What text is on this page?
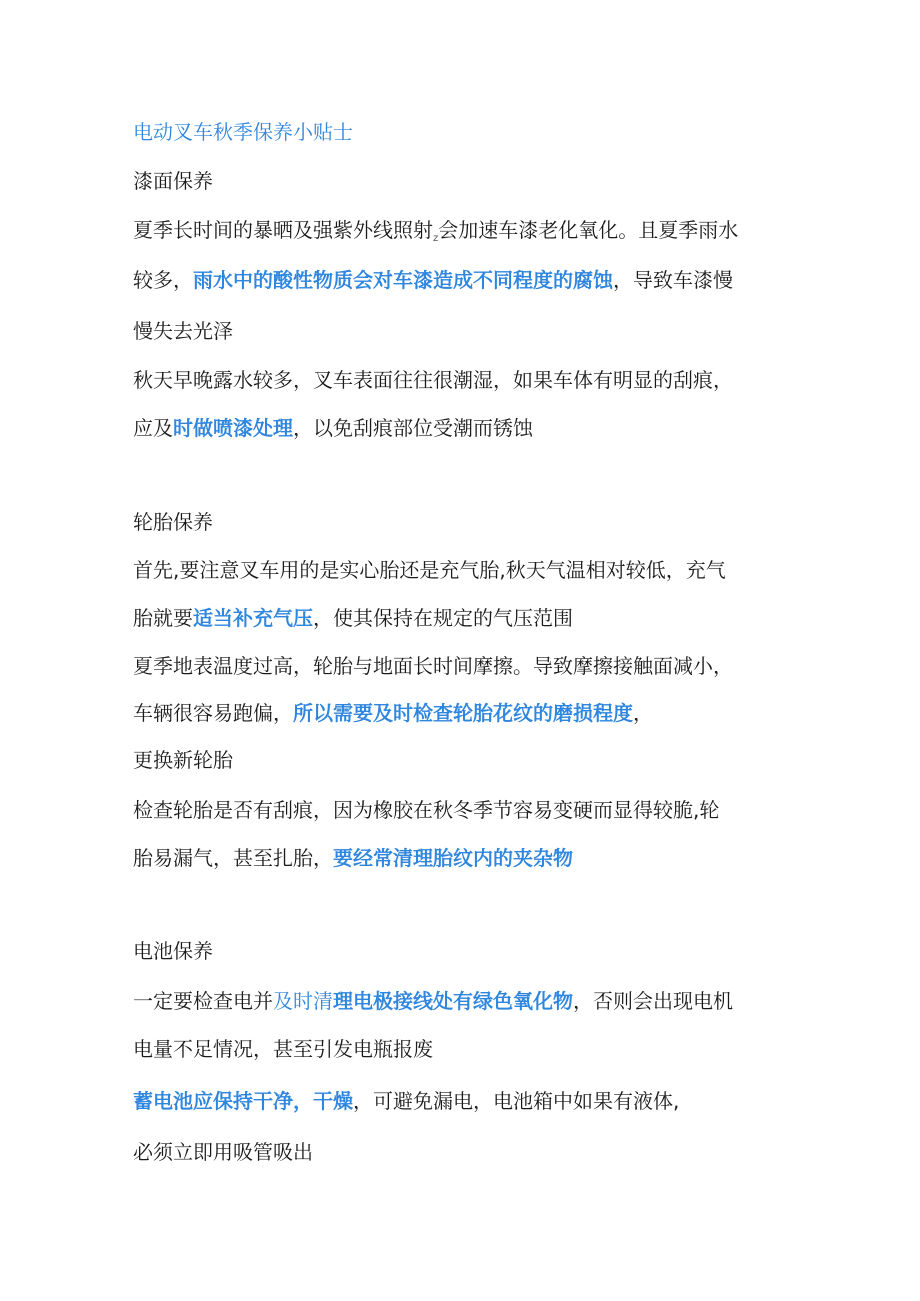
电动叉车秋季保养小贴士
漆面保养
夏季长时间的暴晒及强紫外线照射$_z$会加速车漆老化氧化。且夏季雨水
较多，雨水中的酸性物质会对车漆造成不同程度的腐蚀，导致车漆慢
慢失去光泽
秋天早晚露水较多，叉车表面往往很潮湿，如果车体有明显的刮痕，
应及时做喷漆处理，以免刮痕部位受潮而锈蚀
轮胎保养
首先,要注意叉车用的是实心胎还是充气胎,秋天气温相对较低，充气
胎就要适当补充气压，使其保持在规定的气压范围
夏季地表温度过高，轮胎与地面长时间摩擦。导致摩擦接触面减小，
车辆很容易跑偏，所以需要及时检查轮胎花纹的磨损程度，
更换新轮胎
检查轮胎是否有刮痕，因为橡胶在秋冬季节容易变硬而显得较脆,轮
胎易漏气，甚至扎胎，要经常清理胎纹内的夹杂物
电池保养
一定要检查电并及时清理电极接线处有绿色氧化物，否则会出现电机
电量不足情况，甚至引发电瓶报废
蓄电池应保持干净，干燥，可避免漏电，电池箱中如果有液体,
必须立即用吸管吸出
